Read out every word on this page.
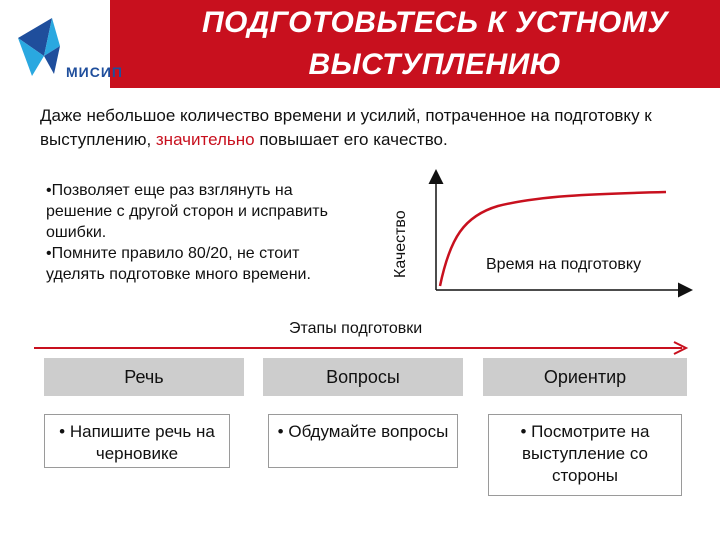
ПОДГОТОВЬТЕСЬ К УСТНОМУ ВЫСТУПЛЕНИЮ
МИСИП
Даже небольшое количество времени и усилий, потраченное на подготовку к выступлению, значительно повышает его качество.
•Позволяет еще раз взглянуть на решение с другой сторон и исправить ошибки.
•Помните правило 80/20, не стоит уделять подготовке много времени.	Качество	Время на подготовку
Этапы подготовки
Речь	Вопросы	Ориентир
• Напишите речь на черновике
• Обдумайте вопросы	• Посмотрите на выступление со стороны
